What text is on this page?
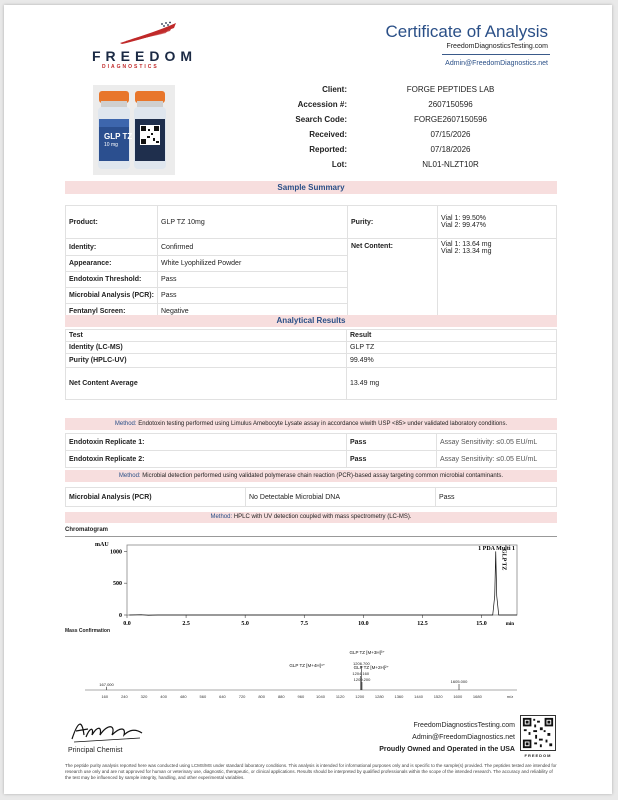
FREEDOM
DIAGNOSTICS
Certificate of Analysis
FreedomDiagnosticsTesting.com
Admin@FreedomDiagnostics.net
GLP TZ
10 mg
Client:	FORGE PEPTIDES LAB
Accession #:	2607150596
Search Code:	FORGE2607150596
Received:	07/15/2026
Reported:	07/18/2026
Lot:	NL01-NLZT10R
Sample Summary
Product:	GLP TZ 10mg	Purity:	Vial 1: 99.50%
Vial 2: 99.47%

Identity:	Confirmed	Net Content:	Vial 1: 13.64 mg
Vial 2: 13.34 mg

Appearance:	White Lyophilized Powder		
Endotoxin Threshold:	Pass		
Microbial Analysis (PCR):	Pass		
Fentanyl Screen:	Negative		
Analytical Results
Test	Result
Identity (LC-MS)	GLP TZ
Purity (HPLC-UV)	99.49%
Net Content Average	13.49 mg
Method: Endotoxin testing performed using Limulus Amebocyte Lysate assay in accordance wiwith USP <85> under validated laboratory conditions.
Endotoxin Replicate 1:	Pass	Assay Sensitivity: ≤0.05 EU/mL
Endotoxin Replicate 2:	Pass	Assay Sensitivity: ≤0.05 EU/mL
Method: Microbial detection performed using validated polymerase chain reaction (PCR)-based assay targeting common microbial contaminants.
Microbial Analysis (PCR)	No Detectable Microbial DNA	Pass
Method: HPLC with UV detection coupled with mass spectrometry (LC-MS).
Chromatogram
mAU
1 PDA Multi 1
1000
500
0
0.0	2.5	5.0	7.5	10.0	12.5	15.0	min
GLP TZ
Mass Confirmation
160	240	320	400	480	560	640	720	800	880	960	1040	1120	1200	1280	1360	1440	1520	1600	1680	m/z
167.000
1204.160
1206.700
1209.200	1605.000
GLP TZ [M+3H]³⁺
GLP TZ [M+4H]⁴⁺	GLP TZ [M+2H]²⁺
Principal Chemist
FreedomDiagnosticsTesting.com
Admin@FreedomDiagnostics.net
Proudly Owned and Operated in the USA
FREEDOM
The peptide purity analysis reported here was conducted using LCMS/MS under standard laboratory conditions. This analysis is intended for informational purposes only and is specific to the sample(s) provided. The peptides tested are intended for research use only and are not approved for human or veterinary use, diagnostic, therapeutic, or clinical applications. Results should be interpreted by qualified professionals within the scope of the intended research. The accuracy and reliability of the test may be influenced by sample integrity, handling, and other experimental variables.
